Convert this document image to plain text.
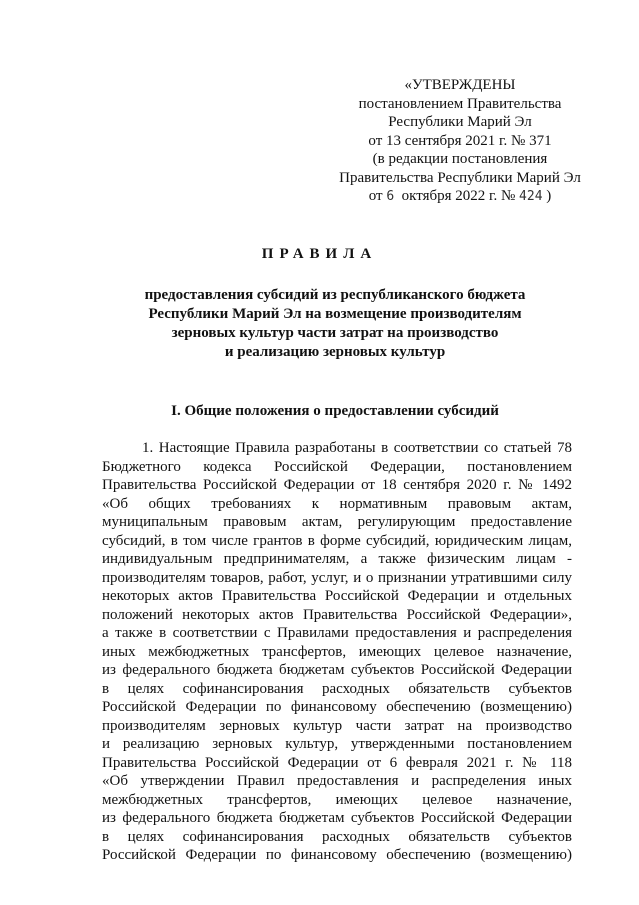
«УТВЕРЖДЕНЫ
постановлением Правительства
Республики Марий Эл
от 13 сентября 2021 г. № 371
(в редакции постановления
Правительства Республики Марий Эл
от 6  октября 2022 г. № 424 )
ПРАВИЛА
предоставления субсидий из республиканского бюджета
Республики Марий Эл на возмещение производителям
зерновых культур части затрат на производство
и реализацию зерновых культур
I. Общие положения о предоставлении субсидий
1. Настоящие Правила разработаны в соответствии со статьей 78
Бюджетного кодекса Российской Федерации, постановлением
Правительства Российской Федерации от 18 сентября 2020 г. № 1492
«Об общих требованиях к нормативным правовым актам,
муниципальным правовым актам, регулирующим предоставление
субсидий, в том числе грантов в форме субсидий, юридическим лицам,
индивидуальным предпринимателям, а также физическим лицам -
производителям товаров, работ, услуг, и о признании утратившими силу
некоторых актов Правительства Российской Федерации и отдельных
положений некоторых актов Правительства Российской Федерации»,
а также в соответствии с Правилами предоставления и распределения
иных межбюджетных трансфертов, имеющих целевое назначение,
из федерального бюджета бюджетам субъектов Российской Федерации
в целях софинансирования расходных обязательств субъектов
Российской Федерации по финансовому обеспечению (возмещению)
производителям зерновых культур части затрат на производство
и реализацию зерновых культур, утвержденными постановлением
Правительства Российской Федерации от 6 февраля 2021 г. № 118
«Об утверждении Правил предоставления и распределения иных
межбюджетных трансфертов, имеющих целевое назначение,
из федерального бюджета бюджетам субъектов Российской Федерации
в целях софинансирования расходных обязательств субъектов
Российской Федерации по финансовому обеспечению (возмещению)
